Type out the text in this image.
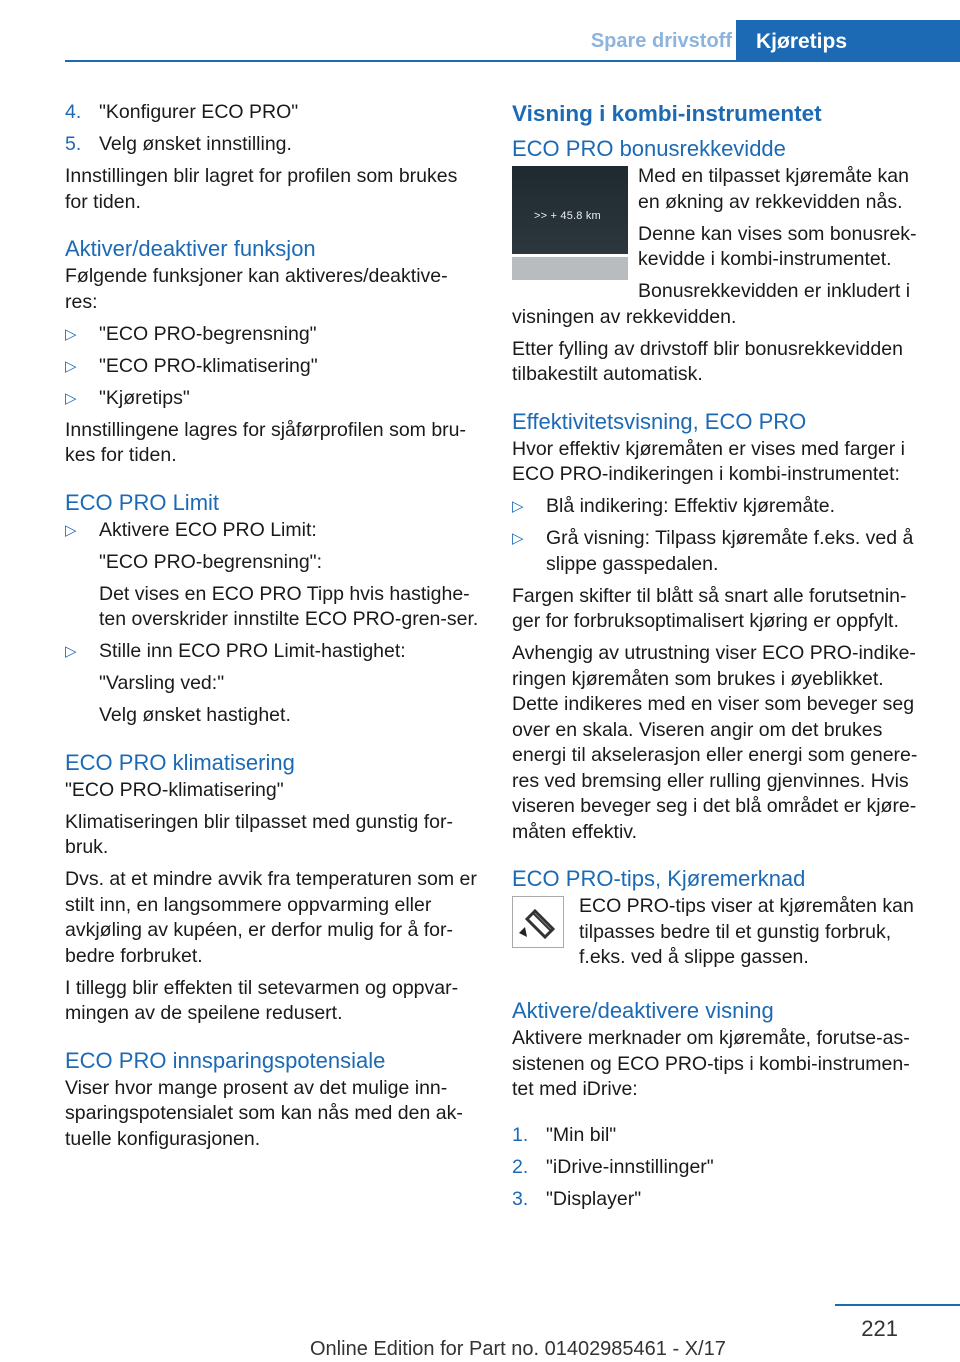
Spare drivstoff	Kjøretips
4. "Konfigurer ECO PRO"
5. Velg ønsket innstilling.

Innstillingen blir lagret for profilen som brukes for tiden.

Aktiver/deaktiver funksjon

Følgende funksjoner kan aktiveres/deaktive-res:

▷	"ECO PRO-begrensning"
▷	"ECO PRO-klimatisering"
▷	"Kjøretips"

Innstillingene lagres for sjåførprofilen som bru-kes for tiden.

ECO PRO Limit
▷	Aktivere ECO PRO Limit:

"ECO PRO-begrensning":

Det vises en ECO PRO Tipp hvis hastighe-ten overskrider innstilte ECO PRO-gren-ser.

▷	Stille inn ECO PRO Limit-hastighet:

"Varsling ved:"

Velg ønsket hastighet.

ECO PRO klimatisering

"ECO PRO-klimatisering"

Klimatiseringen blir tilpasset med gunstig for-bruk.

Dvs. at et mindre avvik fra temperaturen som er stilt inn, en langsommere oppvarming eller avkjøling av kupéen, er derfor mulig for å for-bedre forbruket.

I tillegg blir effekten til setevarmen og oppvar-mingen av de speilene redusert.

ECO PRO innsparingspotensiale

Viser hvor mange prosent av det mulige inn-sparingspotensialet som kan nås med den ak-tuelle konfigurasjonen.

Visning i kombi-instrumentet
ECO PRO bonusrekkevidde
>> + 45.8 km

Med en tilpasset kjøremåte kan en økning av rekkevidden nås.

Denne kan vises som bonusrek-kevidde i kombi-instrumentet.

Bonusrekkevidden er inkludert i visningen av rekkevidden.

Etter fylling av drivstoff blir bonusrekkevidden tilbakestilt automatisk.

Effektivitetsvisning, ECO PRO

Hvor effektiv kjøremåten er vises med farger i ECO PRO-indikeringen i kombi-instrumentet:

▷	Blå indikering: Effektiv kjøremåte.
▷	Grå visning: Tilpass kjøremåte f.eks. ved å slippe gasspedalen.

Fargen skifter til blått så snart alle forutsetnin-ger for forbruksoptimalisert kjøring er oppfylt.

Avhengig av utrustning viser ECO PRO-indike-ringen kjøremåten som brukes i øyeblikket. Dette indikeres med en viser som beveger seg over en skala. Viseren angir om det brukes energi til akselerasjon eller energi som genere-res ved bremsing eller rulling gjenvinnes. Hvis viseren beveger seg i det blå området er kjøre-måten effektiv.

ECO PRO-tips, Kjøremerknad

ECO PRO-tips viser at kjøremåten kan tilpasses bedre til et gunstig forbruk, f.eks. ved å slippe gassen.

Aktivere/deaktivere visning

Aktivere merknader om kjøremåte, forutse-as-sistenen og ECO PRO-tips i kombi-instrumen-tet med iDrive:

1. "Min bil"
2. "iDrive-innstillinger"
3. "Displayer"
221
Online Edition for Part no. 01402985461 - X/17
